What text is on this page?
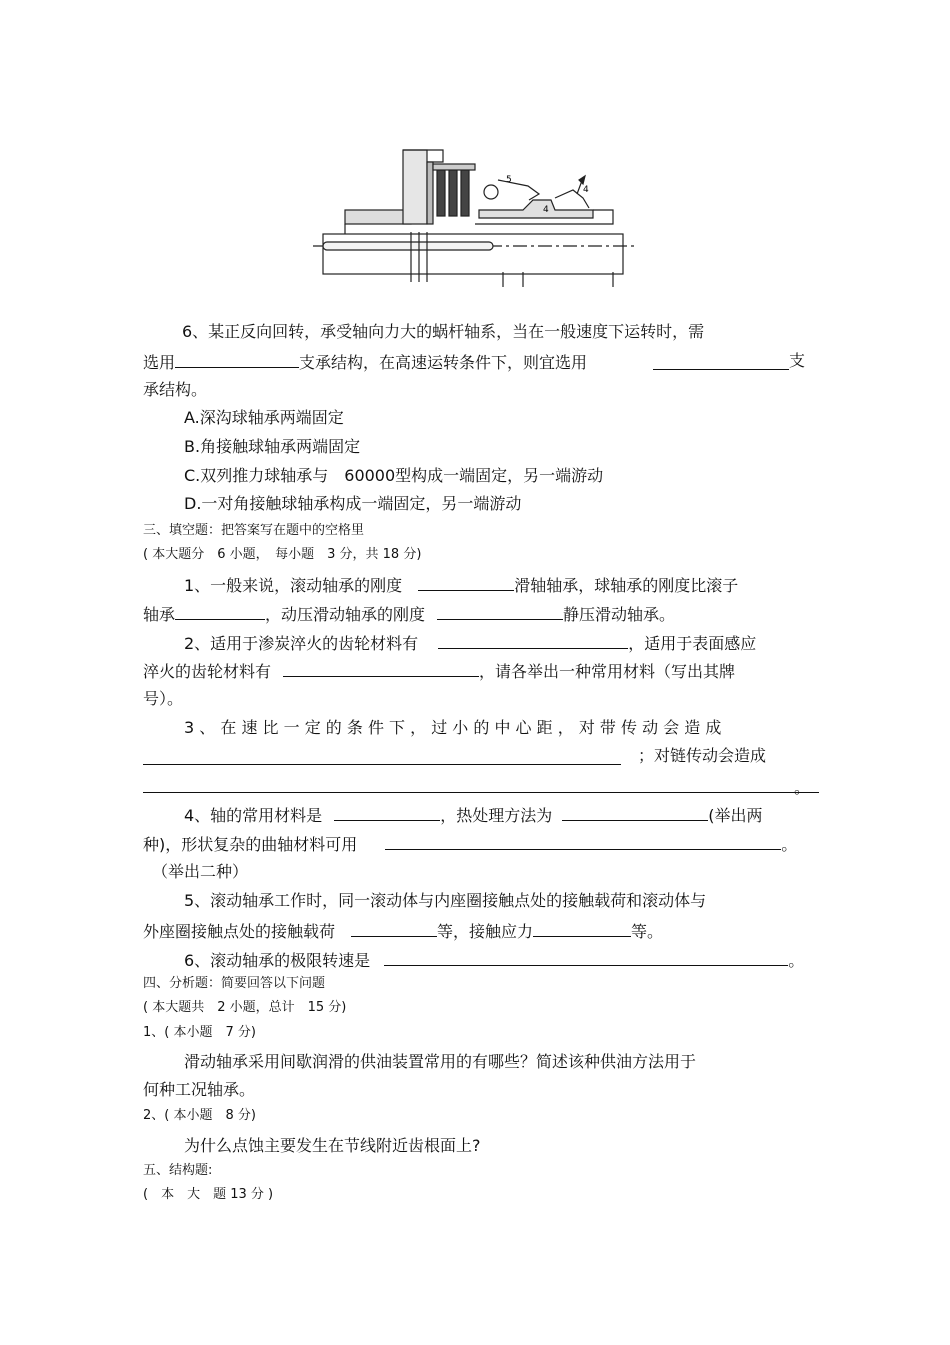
5
4
4
6、某正反向回转，承受轴向力大的蜗杆轴系，当在一般速度下运转时，需
选用	支承结构，在高速运转条件下，则宜选用	支
承结构。
A.深沟球轴承两端固定
B.角接触球轴承两端固定
C.双列推力球轴承与　60000型构成一端固定，另一端游动
D.一对角接触球轴承构成一端固定，另一端游动
三、填空题：把答案写在题中的空格里
( 本大题分　6 小题，　每小题　3 分，共 18 分)
1、一般来说，滚动轴承的刚度	滑轴轴承，球轴承的刚度比滚子
轴承	，动压滑动轴承的刚度	静压滑动轴承。
2、适用于渗炭淬火的齿轮材料有	，适用于表面感应
淬火的齿轮材料有	，请各举出一种常用材料（写出其牌
号）。
3 、 在 速 比 一 定 的 条 件 下 ， 过 小 的 中 心 距 ， 对 带 传 动 会 造 成
；对链传动会造成
。
4、轴的常用材料是	，热处理方法为	(举出两
种)，形状复杂的曲轴材料可用	。
（举出二种）
5、滚动轴承工作时，同一滚动体与内座圈接触点处的接触载荷和滚动体与
外座圈接触点处的接触载荷	等，接触应力	等。
6、滚动轴承的极限转速是	。
四、分析题：简要回答以下问题
( 本大题共　2 小题，总计　15 分)
1、( 本小题　7 分)
滑动轴承采用间歇润滑的供油装置常用的有哪些？简述该种供油方法用于
何种工况轴承。
2、( 本小题　8 分)
为什么点蚀主要发生在节线附近齿根面上?
五、结构题:
(　本　大　题 13 分 )
